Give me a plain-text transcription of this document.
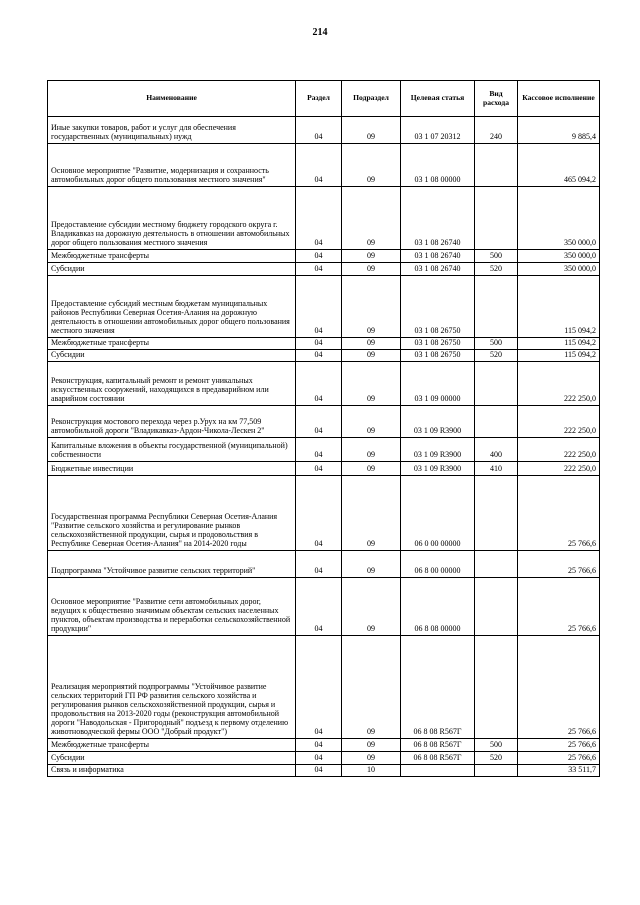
214
Наименование	Раздел	Подраздел	Целевая статья	Вид расхода	Кассовое исполнение
Иные закупки товаров, работ и услуг для обеспечения государственных (муниципальных) нужд	04	09	03 1 07 20312	240	9 885,4
Основное мероприятие "Развитие, модернизация и сохранность автомобильных дорог общего пользования местного значения"	04	09	03 1 08 00000		465 094,2
Предоставление субсидии местному бюджету городского округа г. Владикавказ на дорожную деятельность в отношении автомобильных дорог общего пользования местного значения	04	09	03 1 08 26740		350 000,0
Межбюджетные трансферты	04	09	03 1 08 26740	500	350 000,0
Субсидии	04	09	03 1 08 26740	520	350 000,0
Предоставление субсидий местным бюджетам муниципальных районов Республики Северная Осетия-Алания на дорожную деятельность в отношении автомобильных дорог общего пользования местного значения	04	09	03 1 08 26750		115 094,2
Межбюджетные трансферты	04	09	03 1 08 26750	500	115 094,2
Субсидии	04	09	03 1 08 26750	520	115 094,2
Реконструкция, капитальный ремонт и ремонт уникальных искусственных сооружений, находящихся в предаварийном или аварийном состоянии	04	09	03 1 09 00000		222 250,0
Реконструкция мостового перехода через р.Урух на км 77,509 автомобильной дороги "Владикавказ-Ардон-Чикола-Лескен 2"	04	09	03 1 09 R3900		222 250,0
Капитальные вложения в объекты государственной (муниципальной) собственности	04	09	03 1 09 R3900	400	222 250,0
Бюджетные инвестиции	04	09	03 1 09 R3900	410	222 250,0
Государственная программа Республики Северная Осетия-Алания "Развитие сельского хозяйства и регулирование рынков сельскохозяйственной продукции, сырья и продовольствия в Республике Северная Осетия-Алания" на 2014-2020 годы	04	09	06 0 00 00000		25 766,6
Подпрограмма "Устойчивое развитие сельских территорий"	04	09	06 8 00 00000		25 766,6
Основное мероприятие "Развитие сети автомобильных дорог, ведущих к общественно значимым объектам сельских населенных пунктов, объектам производства и переработки сельскохозяйственной продукции"	04	09	06 8 08 00000		25 766,6
Реализация мероприятий подпрограммы "Устойчивое развитие сельских территорий ГП РФ развития сельского хозяйства и регулирования рынков сельскохозяйственной продукции, сырья и продовольствия на 2013-2020 годы (реконструкция автомобильной дороги "Наводольская - Пригородный" подъезд к первому отделению животноводческой фермы ООО "Добрый продукт")	04	09	06 8 08 R567Г		25 766,6
Межбюджетные трансферты	04	09	06 8 08 R567Г	500	25 766,6
Субсидии	04	09	06 8 08 R567Г	520	25 766,6
Связь и информатика	04	10			33 511,7
